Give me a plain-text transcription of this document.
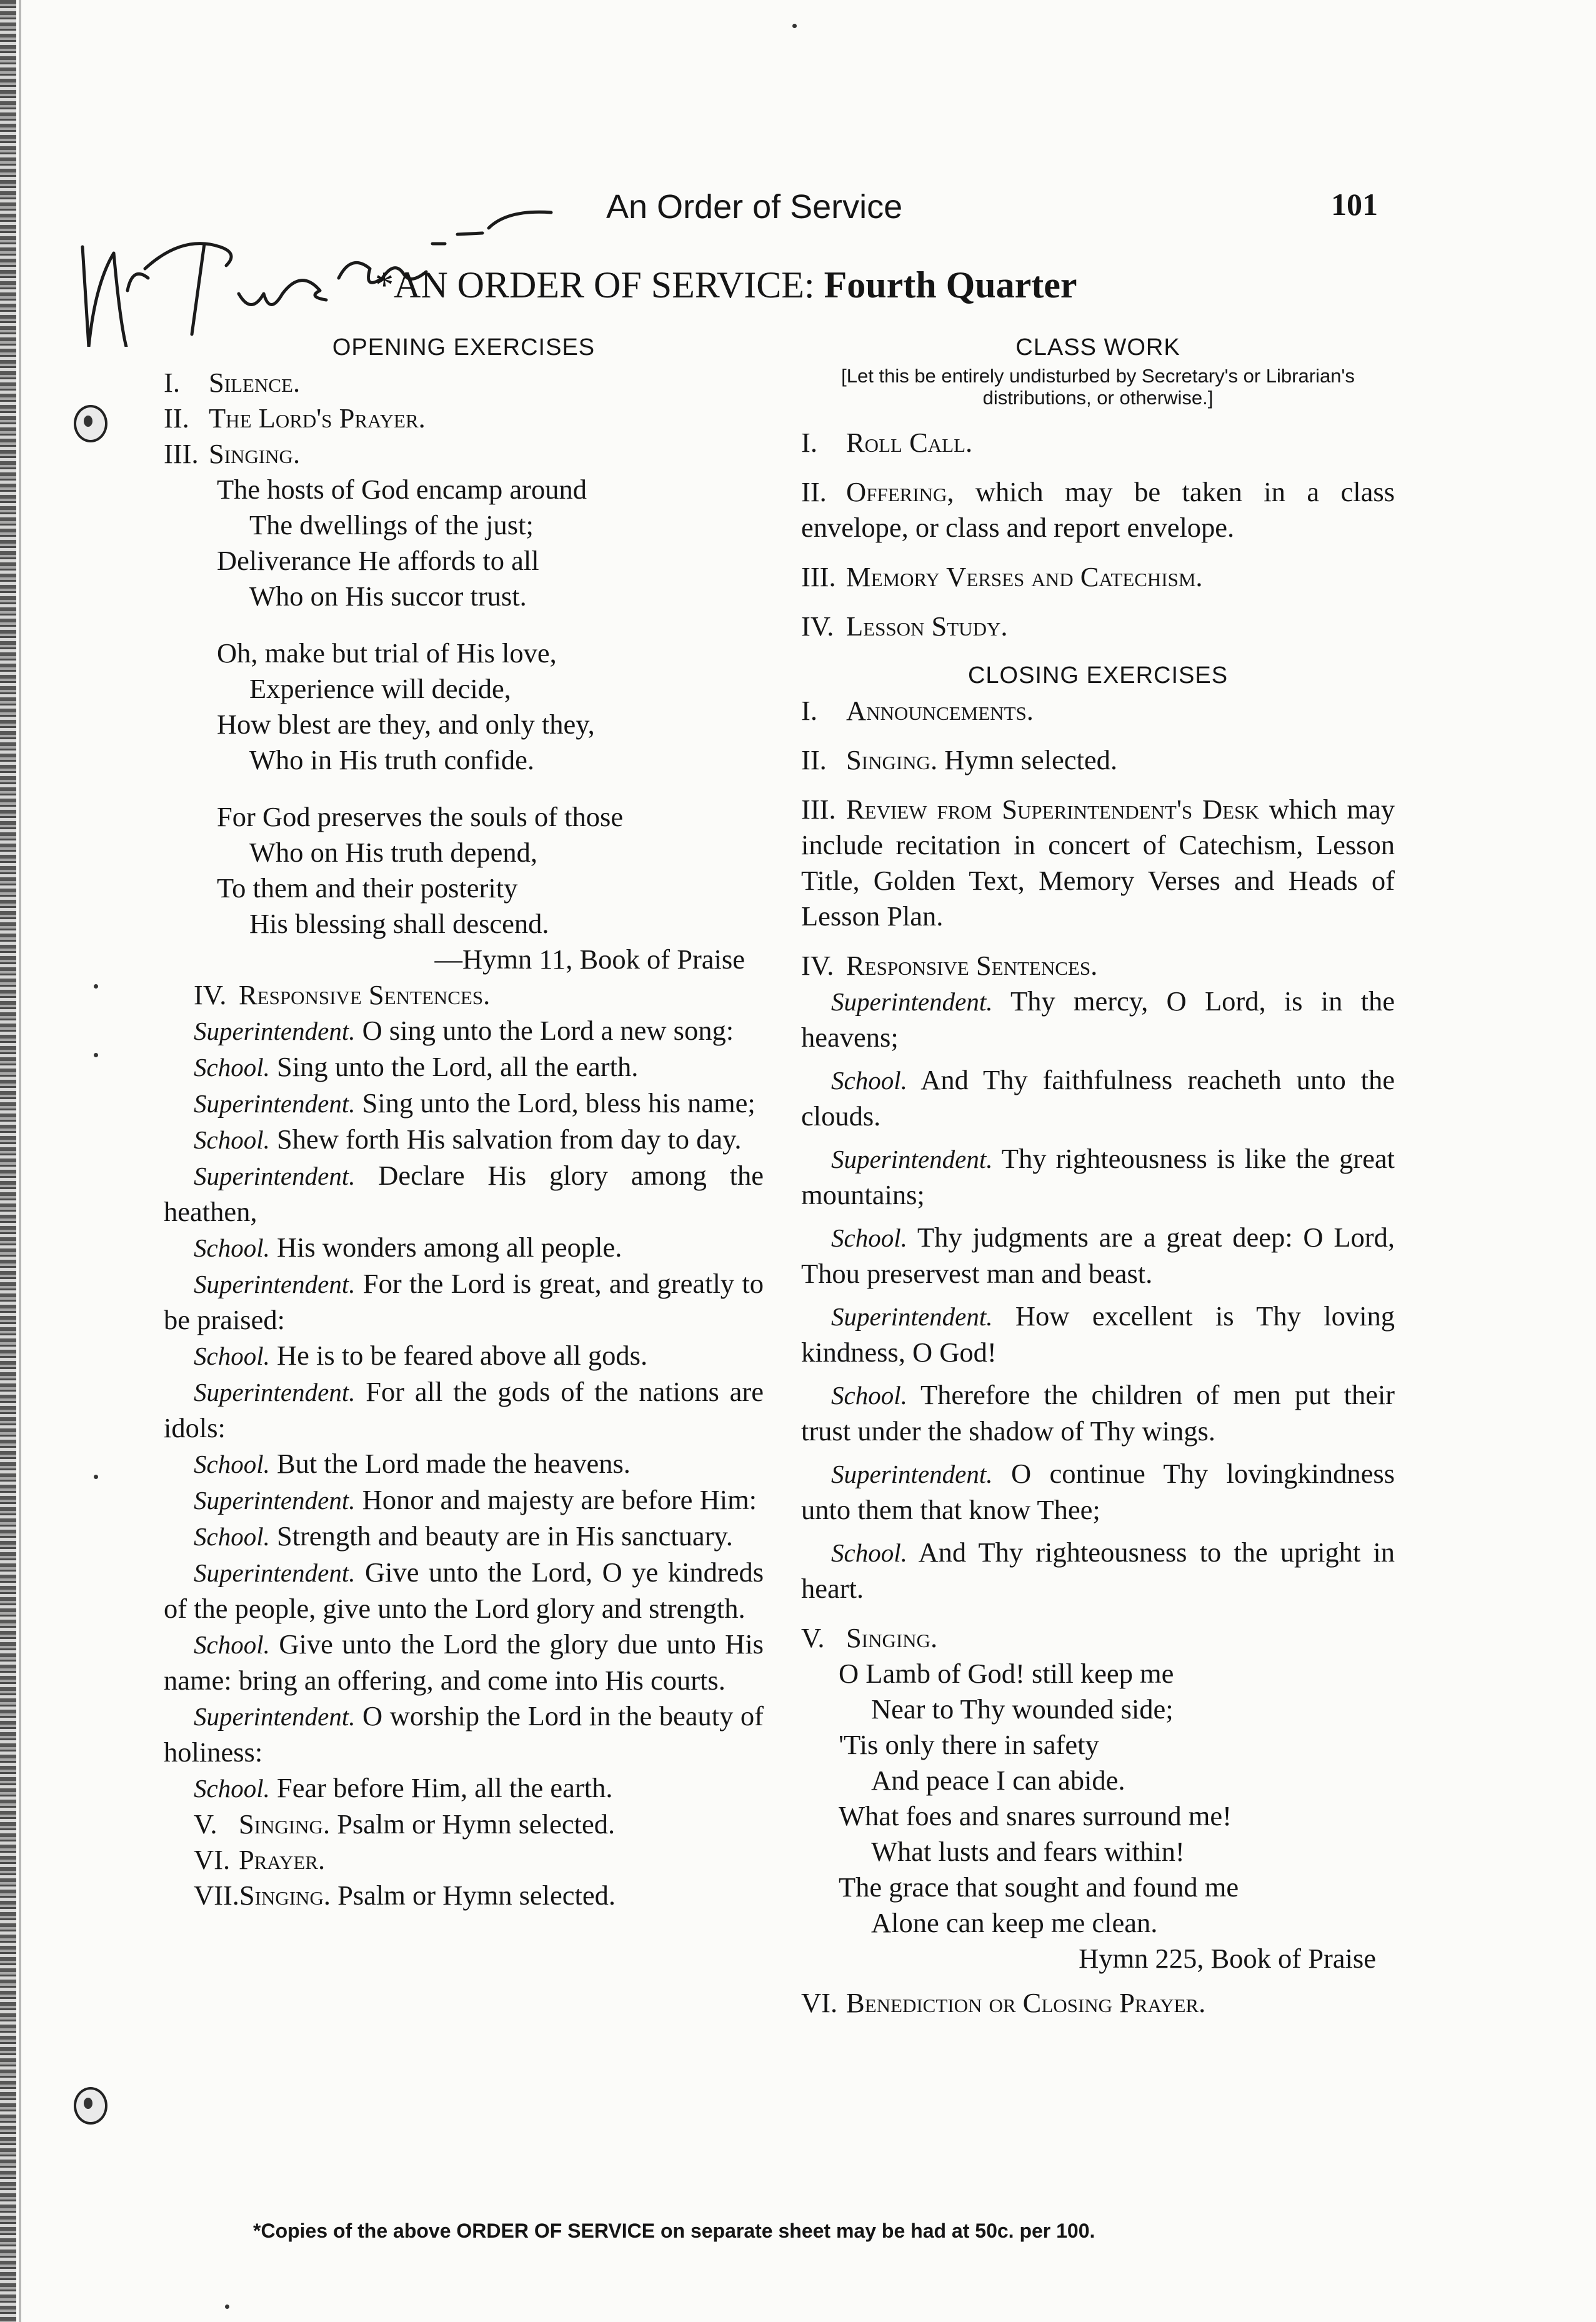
An Order of Service	101
*AN ORDER OF SERVICE: Fourth Quarter
OPENING EXERCISES

I. Silence.

II. The Lord's Prayer.

III. Singing.

The hosts of God encamp around
The dwellings of the just;
Deliverance He affords to all
Who on His succor trust.
Oh, make but trial of His love,
Experience will decide,
How blest are they, and only they,
Who in His truth confide.
For God preserves the souls of those
Who on His truth depend,
To them and their posterity
His blessing shall descend.
—Hymn 11, Book of Praise

IV. Responsive Sentences.

Superintendent. O sing unto the Lord a new song:

School. Sing unto the Lord, all the earth.

Superintendent. Sing unto the Lord, bless his name;

School. Shew forth His salvation from day to day.

Superintendent. Declare His glory among the heathen,

School. His wonders among all people.

Superintendent. For the Lord is great, and greatly to be praised:

School. He is to be feared above all gods.

Superintendent. For all the gods of the nations are idols:

School. But the Lord made the heavens.

Superintendent. Honor and majesty are before Him:

School. Strength and beauty are in His sanctuary.

Superintendent. Give unto the Lord, O ye kindreds of the people, give unto the Lord glory and strength.

School. Give unto the Lord the glory due unto His name: bring an offering, and come into His courts.

Superintendent. O worship the Lord in the beauty of holiness:

School. Fear before Him, all the earth.

V. Singing. Psalm or Hymn selected.

VI. Prayer.

VII.Singing. Psalm or Hymn selected.

CLASS WORK
[Let this be entirely undisturbed by Secretary's or Librarian's distributions, or otherwise.]

I. Roll Call.

II. Offering, which may be taken in a class envelope, or class and report envelope.

III. Memory Verses and Catechism.

IV. Lesson Study.

CLOSING EXERCISES

I. Announcements.

II. Singing. Hymn selected.

III. Review from Superintendent's Desk which may include recitation in concert of Catechism, Lesson Title, Golden Text, Memory Verses and Heads of Lesson Plan.

IV. Responsive Sentences.

Superintendent. Thy mercy, O Lord, is in the heavens;

School. And Thy faithfulness reacheth unto the clouds.

Superintendent. Thy righteousness is like the great mountains;

School. Thy judgments are a great deep: O Lord, Thou preservest man and beast.

Superintendent. How excellent is Thy loving kindness, O God!

School. Therefore the children of men put their trust under the shadow of Thy wings.

Superintendent. O continue Thy lovingkindness unto them that know Thee;

School. And Thy righteousness to the upright in heart.

V. Singing.

O Lamb of God! still keep me
Near to Thy wounded side;
'Tis only there in safety
And peace I can abide.
What foes and snares surround me!
What lusts and fears within!
The grace that sought and found me
Alone can keep me clean.
Hymn 225, Book of Praise

VI. Benediction or Closing Prayer.

*Copies of the above ORDER OF SERVICE on separate sheet may be had at 50c. per 100.
